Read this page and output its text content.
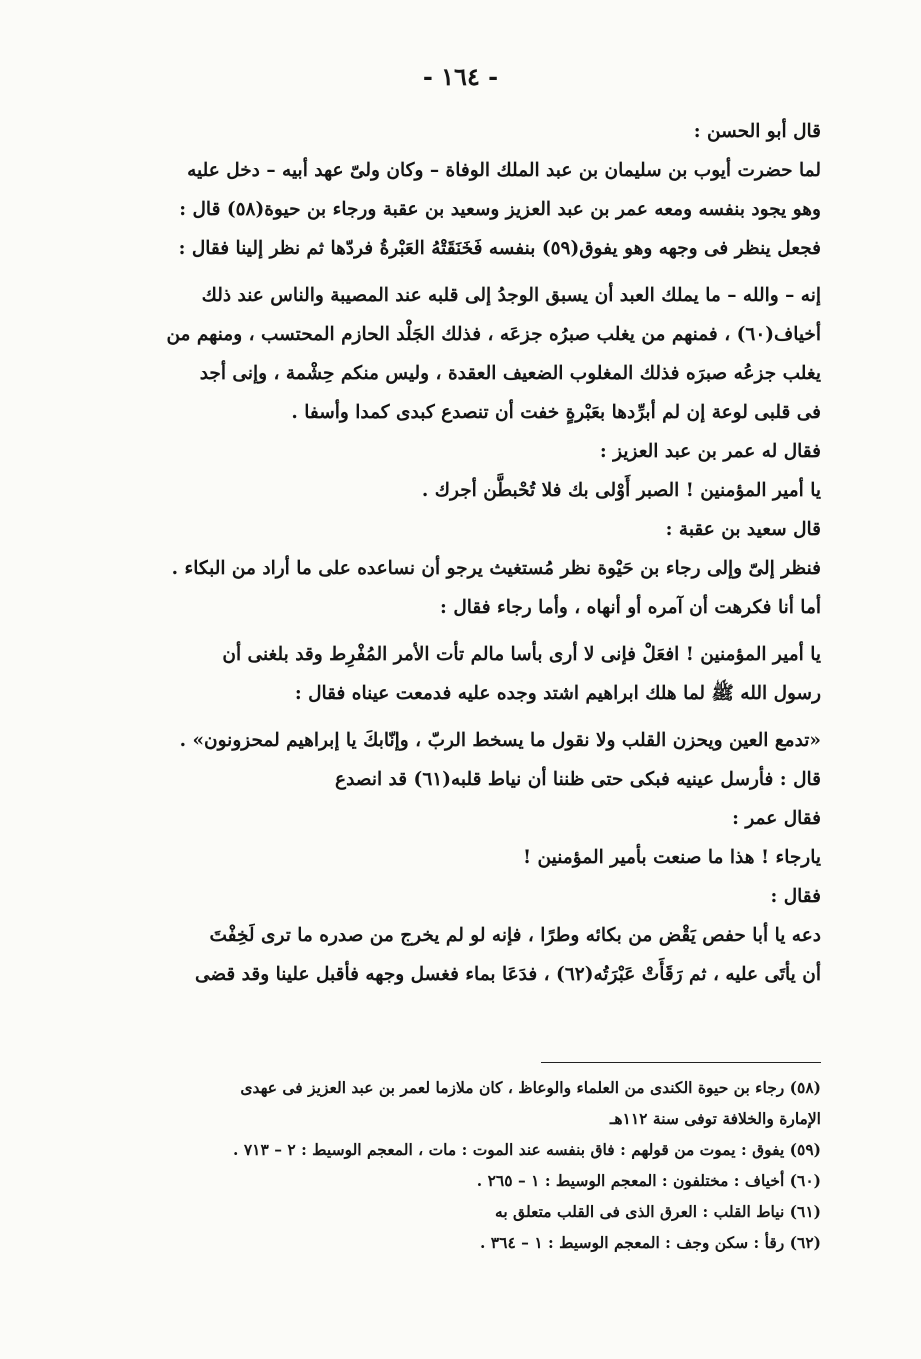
- ١٦٤ -
قال أبو الحسن :
لما حضرت أيوب بن سليمان بن عبد الملك الوفاة – وكان ولىّ عهد أبيه – دخل عليه
وهو يجود بنفسه ومعه عمر بن عبد العزيز وسعيد بن عقبة ورجاء بن حيوة(٥٨) قال :
فجعل ينظر فى وجهه وهو يفوق(٥٩) بنفسه فَخَنَقَتْهُ العَبْرةُ فردّها ثم نظر إلينا فقال :
إنه – والله – ما يملك العبد أن يسبق الوجدُ إلى قلبه عند المصيبة والناس عند ذلك
أخياف(٦٠) ، فمنهم من يغلب صبرُه جزعَه ، فذلك الجَلْد الحازم المحتسب ، ومنهم من
يغلب جزعُه صبرَه فذلك المغلوب الضعيف العقدة ، وليس منكم حِشْمة ، وإنى أجد
فى قلبى لوعة إن لم أبرِّدها بعَبْرةٍ خفت أن تنصدع كبدى كمدا وأسفا .
فقال له عمر بن عبد العزيز :
يا أمير المؤمنين ! الصبر أَوْلى بك فلا تُحْبطَّن أجرك .
قال سعيد بن عقبة :
فنظر إلىّ وإلى رجاء بن حَيْوة نظر مُستغيث يرجو أن نساعده على ما أراد من البكاء .
أما أنا فكرهت أن آمره أو أنهاه ، وأما رجاء فقال :
يا أمير المؤمنين ! افعَلْ فإنى لا أرى بأسا مالم تأت الأمر المُفْرِط وقد بلغنى أن
رسول الله ﷺ لما هلك ابراهيم اشتد وجده عليه فدمعت عيناه فقال :
«تدمع العين ويحزن القلب ولا نقول ما يسخط الربّ ، وإنّابكَ يا إبراهيم لمحزونون» .
قال : فأرسل عينيه فبكى حتى ظننا أن نياط قلبه(٦١) قد انصدع
فقال عمر :
يارجاء ! هذا ما صنعت بأمير المؤمنين !
فقال :
دعه يا أبا حفص يَقْض من بكائه وطرًا ، فإنه لو لم يخرج من صدره ما ترى لَخِفْتَ
أن يأتَى عليه ، ثم رَقَأَتْ عَبْرَتُه(٦٢) ، فدَعَا بماء فغسل وجهه فأقبل علينا وقد قضى
(٥٨) رجاء بن حيوة الكندى من العلماء والوعاظ ، كان ملازما لعمر بن عبد العزيز فى عهدى
الإمارة والخلافة توفى سنة ١١٢هـ
(٥٩) يفوق : يموت من قولهم : فاق بنفسه عند الموت : مات ، المعجم الوسيط : ٢ – ٧١٣ .
(٦٠) أخياف : مختلفون : المعجم الوسيط : ١ – ٢٦٥ .
(٦١) نياط القلب : العرق الذى فى القلب متعلق به
(٦٢) رقأ : سكن وجف : المعجم الوسيط : ١ – ٣٦٤ .
